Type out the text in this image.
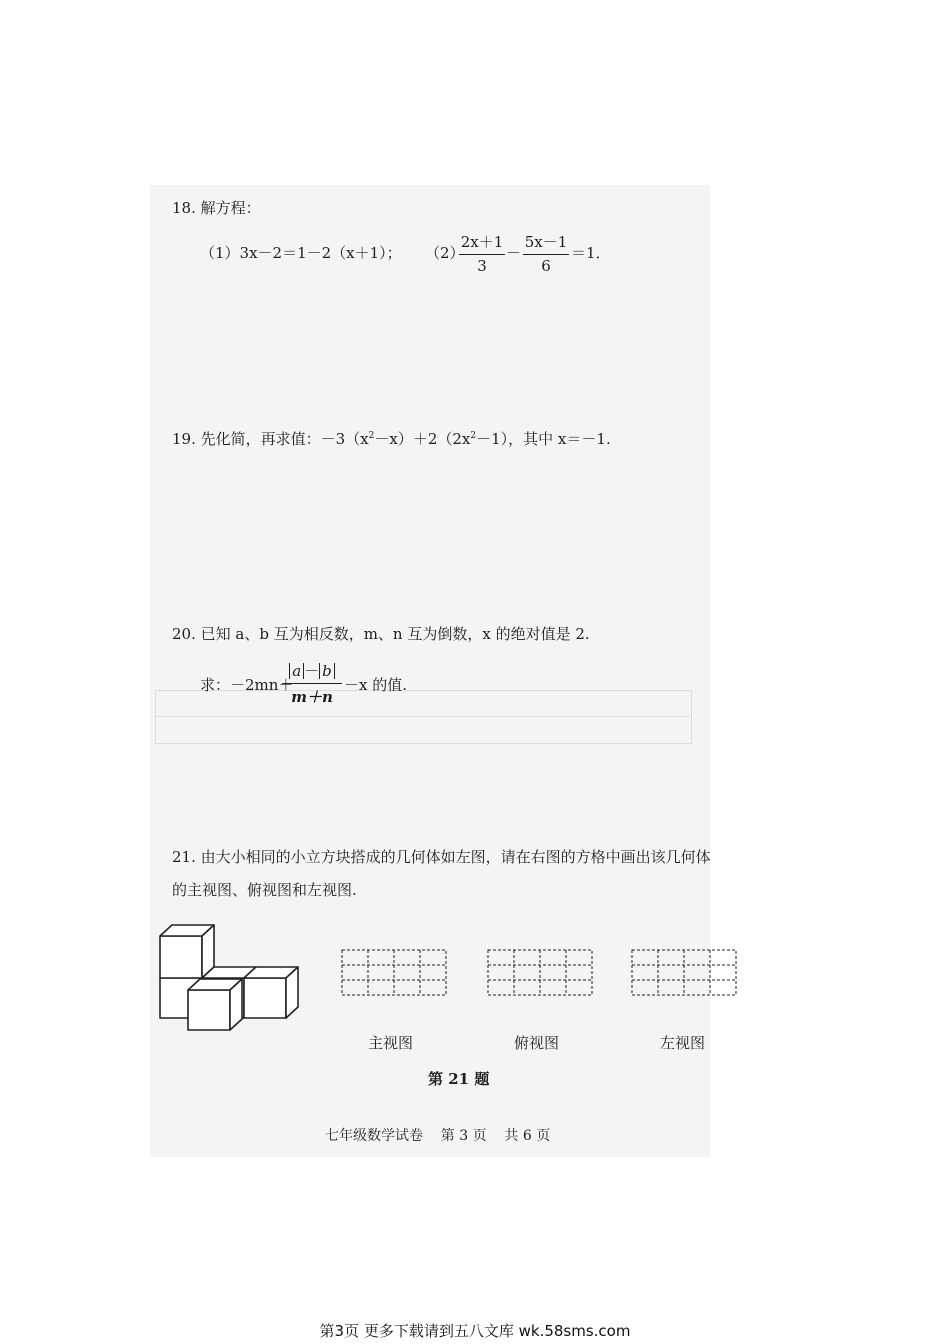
18. 解方程：
（1）3x－2＝1－2（x＋1）； （2）
2x＋1
3
－
5x－1
6
＝1．
19. 先化简，再求值：$-3(x^2-x)+2(2x^2-1)$，其中 x＝－1.
20. 已知 a、b 互为相反数，m、n 互为倒数，x 的绝对值是 2.
求：－2mn＋
a － b
m＋n
－x 的值.
21. 由大小相同的小立方块搭成的几何体如左图，请在右图的方格中画出该几何体
的主视图、俯视图和左视图.
主视图	俯视图	左视图
第 21 题
七年级数学试卷    第 3 页    共 6 页
第3页 更多下载请到五八文库 wk.58sms.com
